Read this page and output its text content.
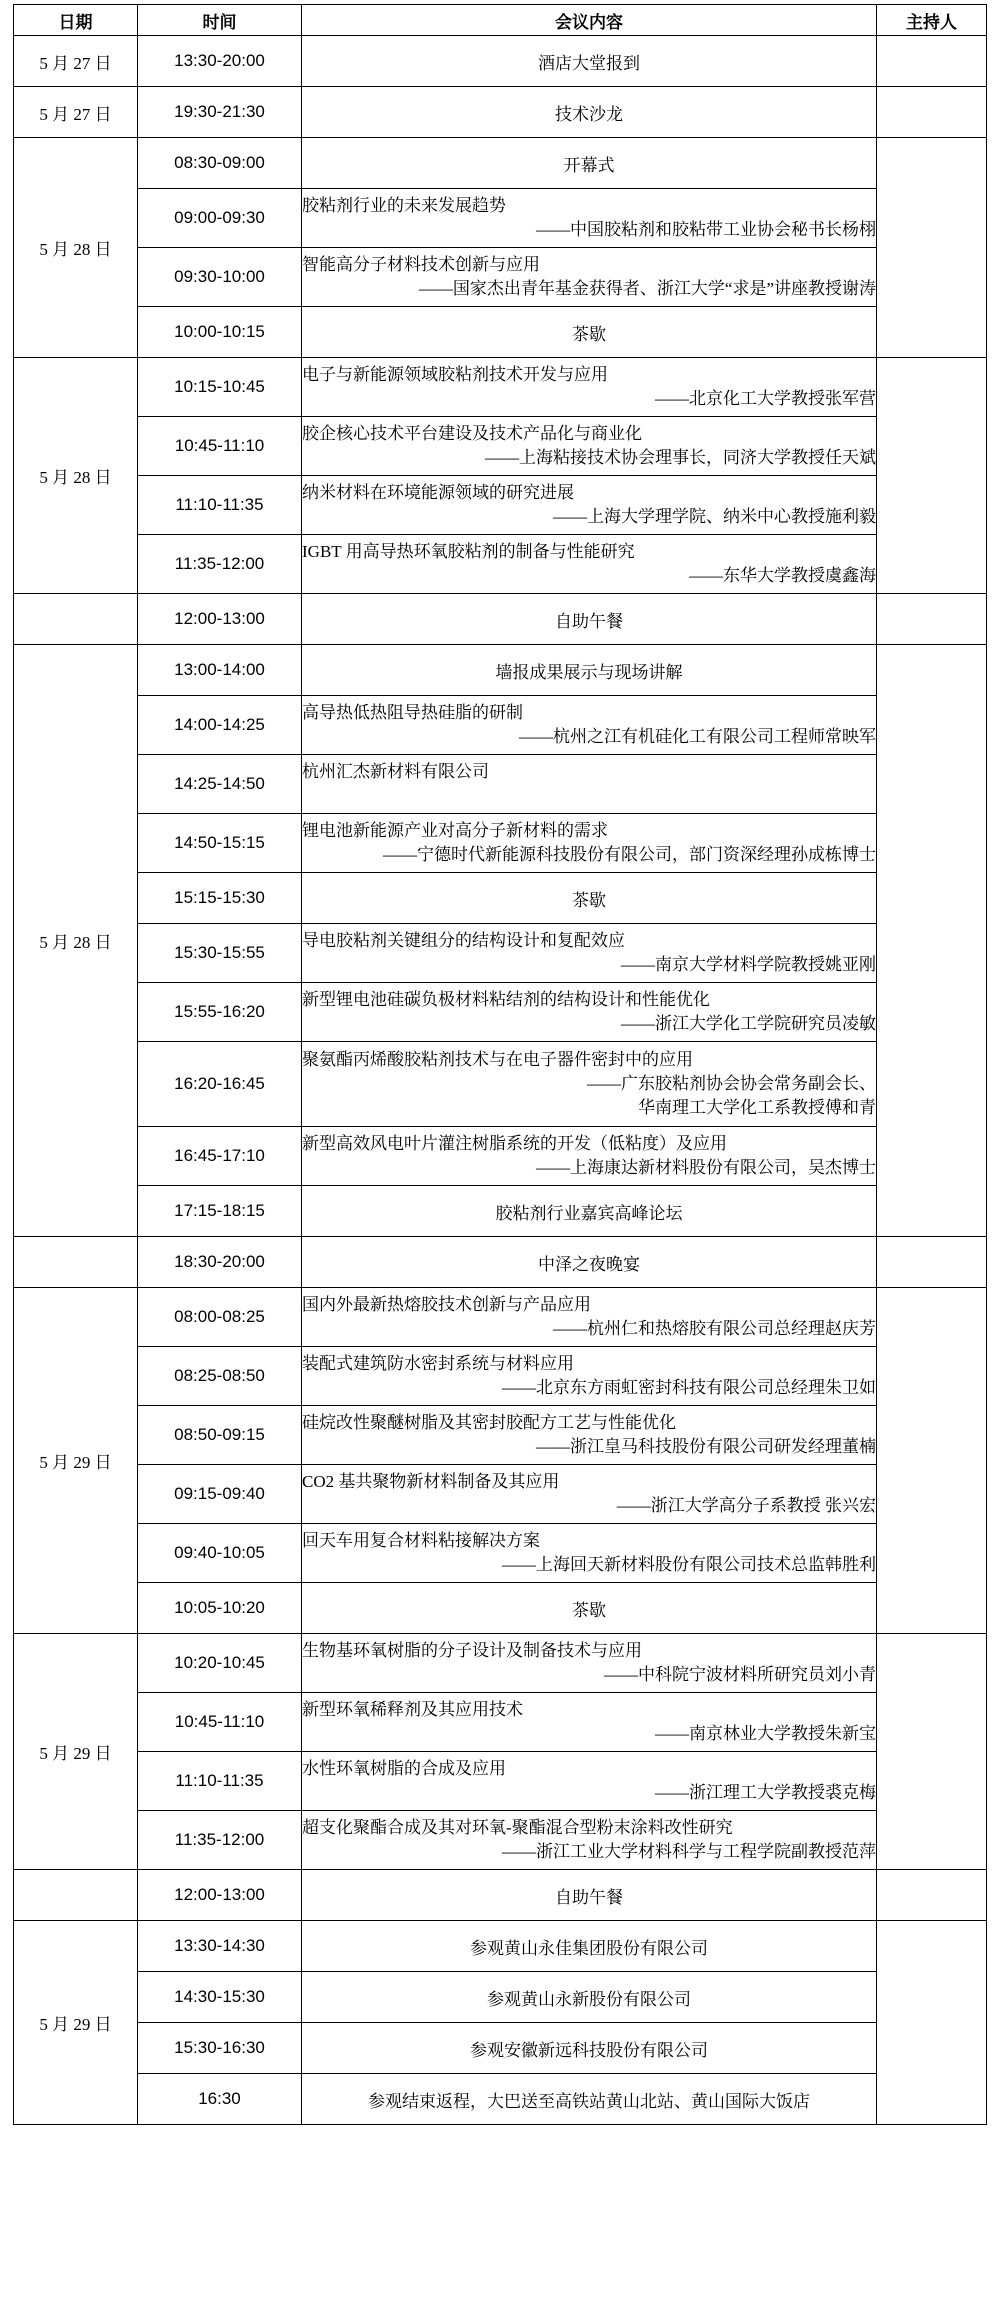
日期	时间	会议内容	主持人
5 月 27 日	13:30-20:00	酒店大堂报到	
5 月 27 日	19:30-21:30	技术沙龙	
5 月 28 日	08:30-09:00	开幕式	
	09:00-09:30	胶粘剂行业的未来发展趋势
——中国胶粘剂和胶粘带工业协会秘书长杨栩	

	09:30-10:00	智能高分子材料技术创新与应用
——国家杰出青年基金获得者、浙江大学“求是”讲座教授谢涛	

	10:00-10:15	茶歇	
5 月 28 日	10:15-10:45	电子与新能源领域胶粘剂技术开发与应用
——北京化工大学教授张军营	

	10:45-11:10	胶企核心技术平台建设及技术产品化与商业化
——上海粘接技术协会理事长，同济大学教授任天斌	

	11:10-11:35	纳米材料在环境能源领域的研究进展
——上海大学理学院、纳米中心教授施利毅	

	11:35-12:00	IGBT 用高导热环氧胶粘剂的制备与性能研究
——东华大学教授虞鑫海	

	12:00-13:00	自助午餐	
5 月 28 日	13:00-14:00	墙报成果展示与现场讲解	
	14:00-14:25	高导热低热阻导热硅脂的研制
——杭州之江有机硅化工有限公司工程师常映军	

	14:25-14:50	杭州汇杰新材料有限公司	

	14:50-15:15	锂电池新能源产业对高分子新材料的需求
——宁德时代新能源科技股份有限公司，部门资深经理孙成栋博士	

	15:15-15:30	茶歇	
	15:30-15:55	导电胶粘剂关键组分的结构设计和复配效应
——南京大学材料学院教授姚亚刚	

	15:55-16:20	新型锂电池硅碳负极材料粘结剂的结构设计和性能优化
——浙江大学化工学院研究员凌敏	

	16:20-16:45	聚氨酯丙烯酸胶粘剂技术与在电子器件密封中的应用
——广东胶粘剂协会协会常务副会长、
华南理工大学化工系教授傅和青	

	16:45-17:10	新型高效风电叶片灌注树脂系统的开发（低粘度）及应用
——上海康达新材料股份有限公司，吴杰博士	

	17:15-18:15	胶粘剂行业嘉宾高峰论坛	
	18:30-20:00	中泽之夜晚宴	
5 月 29 日	08:00-08:25	国内外最新热熔胶技术创新与产品应用
——杭州仁和热熔胶有限公司总经理赵庆芳	

	08:25-08:50	装配式建筑防水密封系统与材料应用
——北京东方雨虹密封科技有限公司总经理朱卫如	

	08:50-09:15	硅烷改性聚醚树脂及其密封胶配方工艺与性能优化
——浙江皇马科技股份有限公司研发经理董楠	

	09:15-09:40	CO2 基共聚物新材料制备及其应用
——浙江大学高分子系教授 张兴宏	

	09:40-10:05	回天车用复合材料粘接解决方案
——上海回天新材料股份有限公司技术总监韩胜利	

	10:05-10:20	茶歇	
5 月 29 日	10:20-10:45	生物基环氧树脂的分子设计及制备技术与应用
——中科院宁波材料所研究员刘小青	

	10:45-11:10	新型环氧稀释剂及其应用技术
——南京林业大学教授朱新宝	

	11:10-11:35	水性环氧树脂的合成及应用
——浙江理工大学教授裘克梅	

	11:35-12:00	超支化聚酯合成及其对环氧-聚酯混合型粉末涂料改性研究
——浙江工业大学材料科学与工程学院副教授范萍	

	12:00-13:00	自助午餐	
5 月 29 日	13:30-14:30	参观黄山永佳集团股份有限公司	
	14:30-15:30	参观黄山永新股份有限公司	
	15:30-16:30	参观安徽新远科技股份有限公司	
	16:30	参观结束返程，大巴送至高铁站黄山北站、黄山国际大饭店	
